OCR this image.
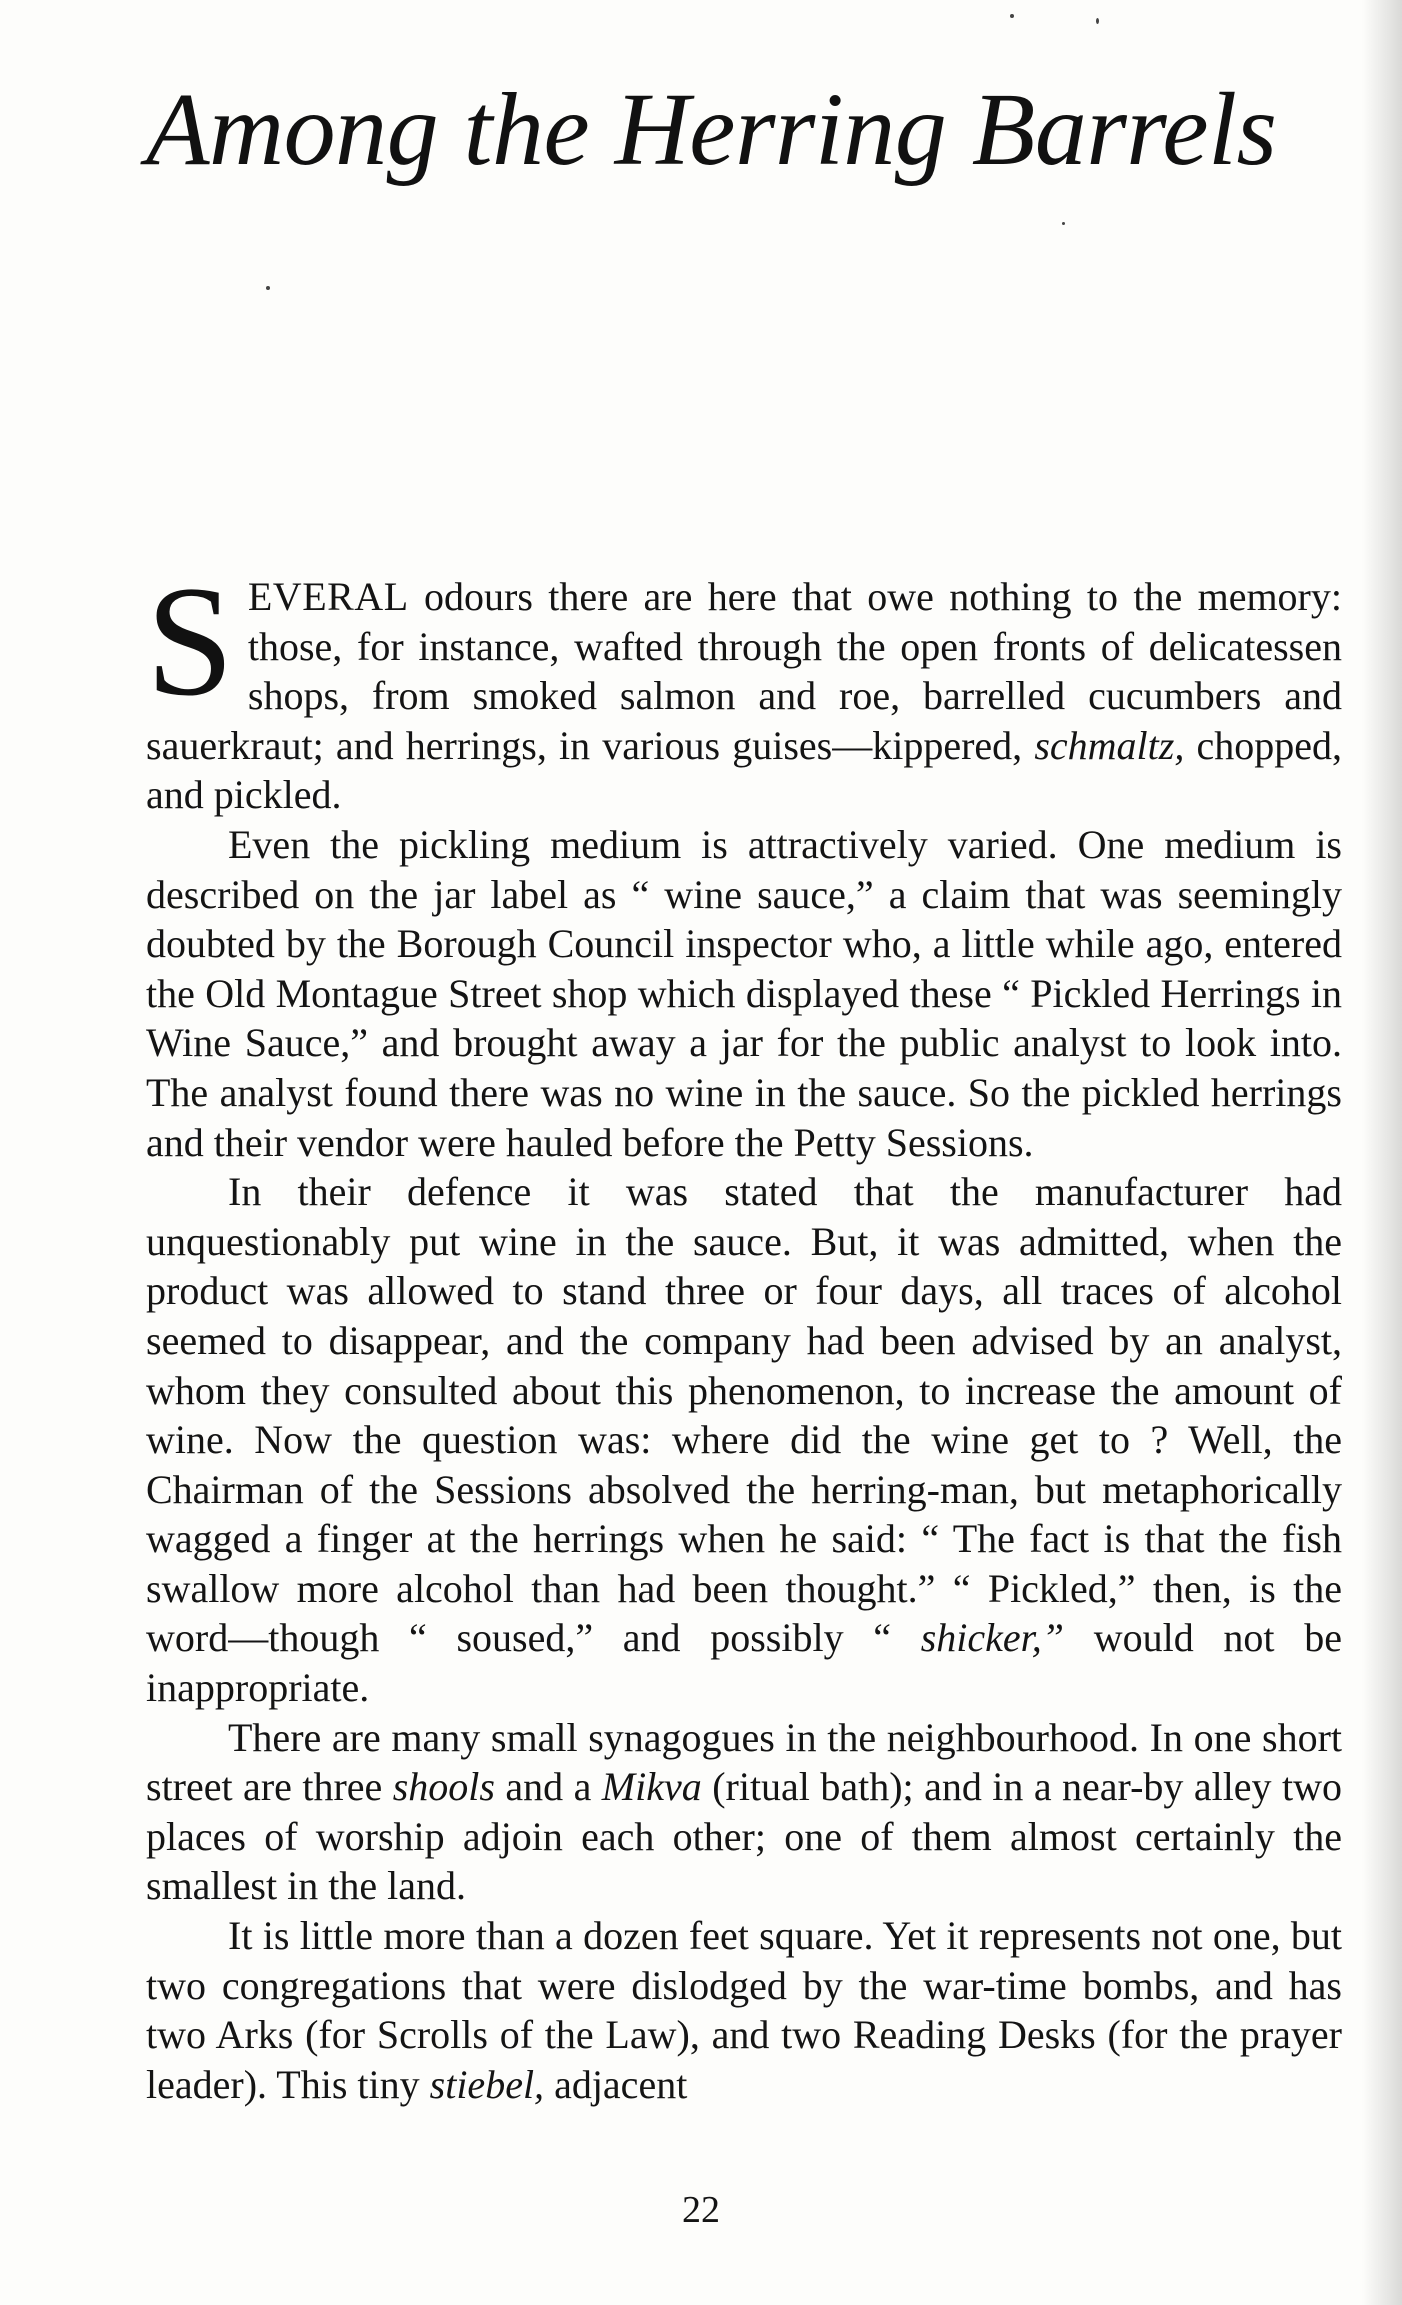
Among the Herring Barrels

SEVERAL odours there are here that owe nothing to the memory: those, for instance, wafted through the open fronts of delicatessen shops, from smoked salmon and roe, barrelled cucumbers and sauerkraut; and herrings, in various guises—kippered, schmaltz, chopped, and pickled.

Even the pickling medium is attractively varied. One medium is described on the jar label as “ wine sauce,” a claim that was seemingly doubted by the Borough Council inspector who, a little while ago, entered the Old Montague Street shop which displayed these “ Pickled Herrings in Wine Sauce,” and brought away a jar for the public analyst to look into. The analyst found there was no wine in the sauce. So the pickled herrings and their vendor were hauled before the Petty Sessions.

In their defence it was stated that the manufacturer had unquestionably put wine in the sauce. But, it was admitted, when the product was allowed to stand three or four days, all traces of alcohol seemed to disappear, and the company had been advised by an analyst, whom they consulted about this phenomenon, to increase the amount of wine. Now the question was: where did the wine get to ? Well, the Chairman of the Sessions absolved the herring-man, but metaphorically wagged a finger at the herrings when he said: “ The fact is that the fish swallow more alcohol than had been thought.” “ Pickled,” then, is the word—though “ soused,” and possibly “ shicker,” would not be inappropriate.

There are many small synagogues in the neighbourhood. In one short street are three shools and a Mikva (ritual bath); and in a near-by alley two places of worship adjoin each other; one of them almost certainly the smallest in the land.

It is little more than a dozen feet square. Yet it represents not one, but two congregations that were dislodged by the war-time bombs, and has two Arks (for Scrolls of the Law), and two Reading Desks (for the prayer leader). This tiny stiebel, adjacent

22
